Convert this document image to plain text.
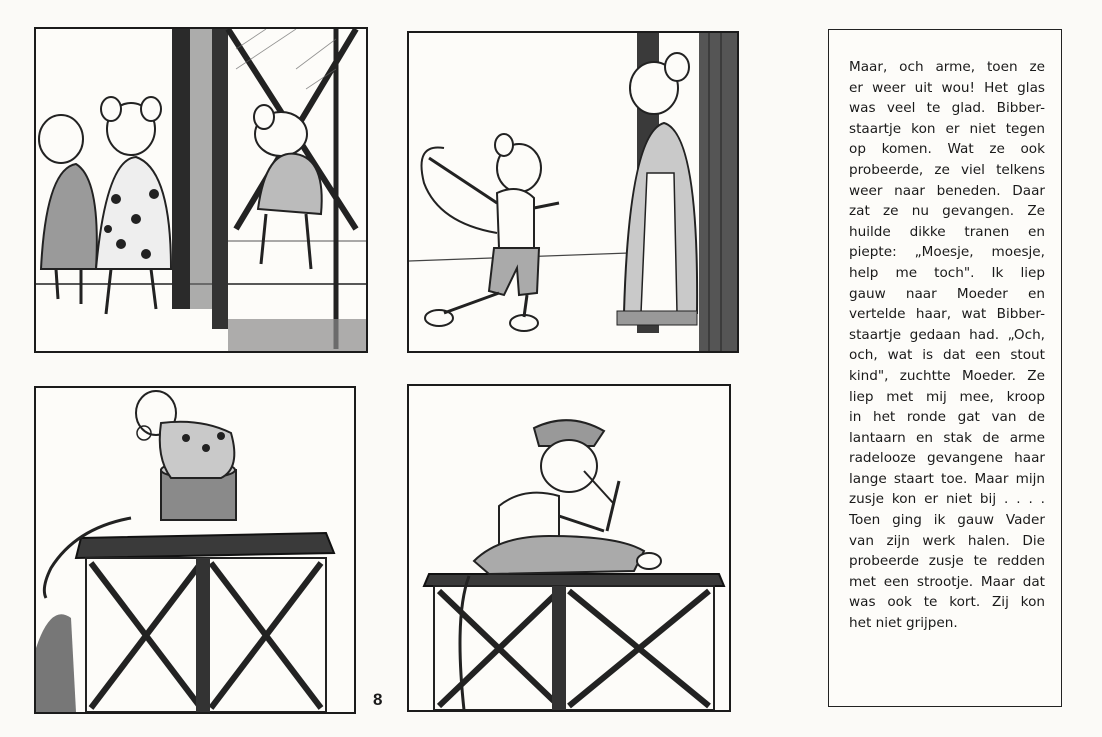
8
Maar, och arme, toen ze
er weer uit wou! Het glas
was veel te glad. Bibber-
staartje kon er niet tegen
op komen. Wat ze ook
probeerde, ze viel telkens
weer naar beneden. Daar
zat ze nu gevangen. Ze
huilde dikke tranen en
piepte: „Moesje, moesje,
help me toch". Ik liep
gauw naar Moeder en
vertelde haar, wat Bibber-
staartje gedaan had. „Och,
och, wat is dat een stout
kind", zuchtte Moeder. Ze
liep met mij mee, kroop
in het ronde gat van de
lantaarn en stak de arme
radelooze gevangene haar
lange staart toe. Maar mijn
zusje kon er niet bij . . . .
Toen ging ik gauw Vader
van zijn werk halen. Die
probeerde zusje te redden
met een strootje. Maar dat
was ook te kort. Zij kon
het niet grijpen.
